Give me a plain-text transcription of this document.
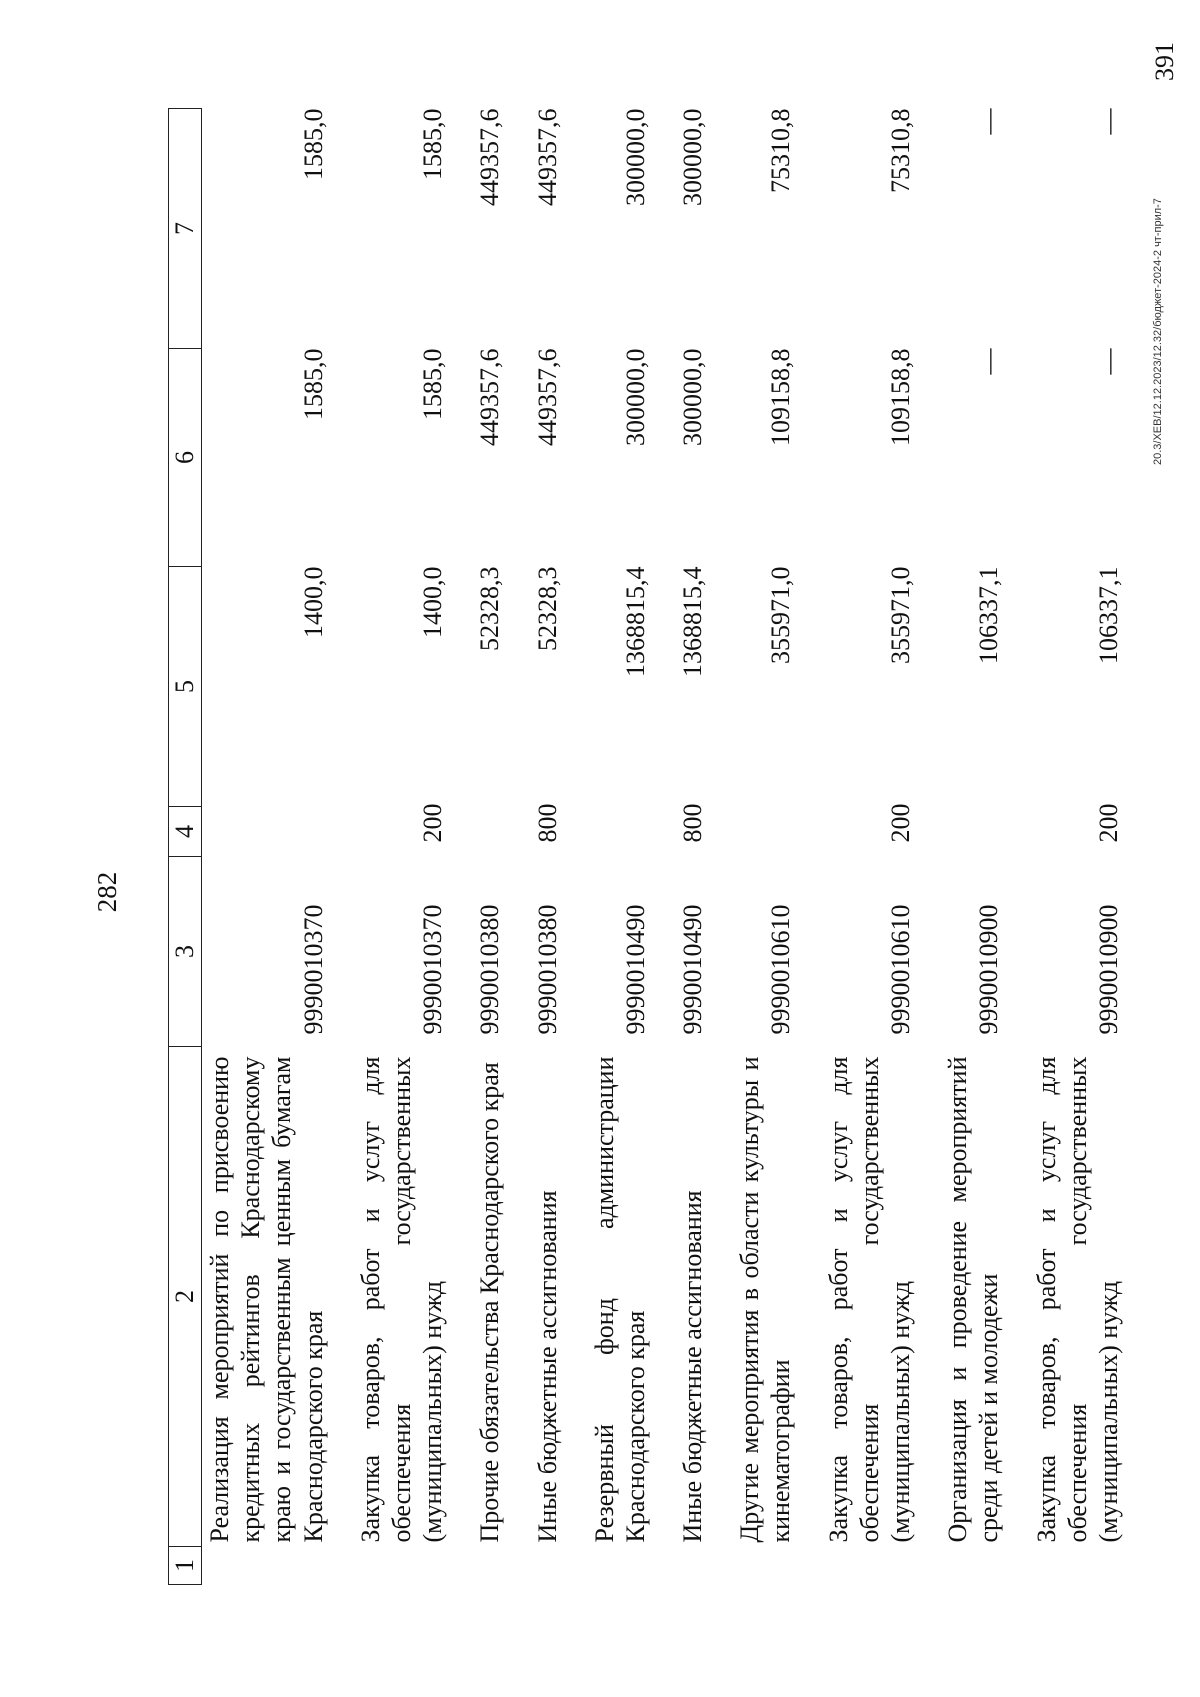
282
1	2	3	4	5	6	7
	Реализация мероприятий по присвоению кредитных рейтингов Краснодарскому краю и государственным ценным бумагам Краснодарского края	9990010370		1400,0	1585,0	1585,0
	Закупка товаров, работ и услуг для обеспечения государственных (муниципальных) нужд	9990010370	200	1400,0	1585,0	1585,0
	Прочие обязательства Краснодарского края	9990010380		52328,3	449357,6	449357,6
	Иные бюджетные ассигнования	9990010380	800	52328,3	449357,6	449357,6
	Резервный фонд администрации Краснодарского края	9990010490		1368815,4	300000,0	300000,0
	Иные бюджетные ассигнования	9990010490	800	1368815,4	300000,0	300000,0
	Другие мероприятия в области культуры и кинематографии	9990010610		355971,0	109158,8	75310,8
	Закупка товаров, работ и услуг для обеспечения государственных (муниципальных) нужд	9990010610	200	355971,0	109158,8	75310,8
	Организация и проведение мероприятий среди детей и молодежи	9990010900		106337,1	—	—
	Закупка товаров, работ и услуг для обеспечения государственных (муниципальных) нужд	9990010900	200	106337,1	—	—
20.3/XEB/12.12.2023/12.32/бюджет-2024-2 чт-прил-7
391
